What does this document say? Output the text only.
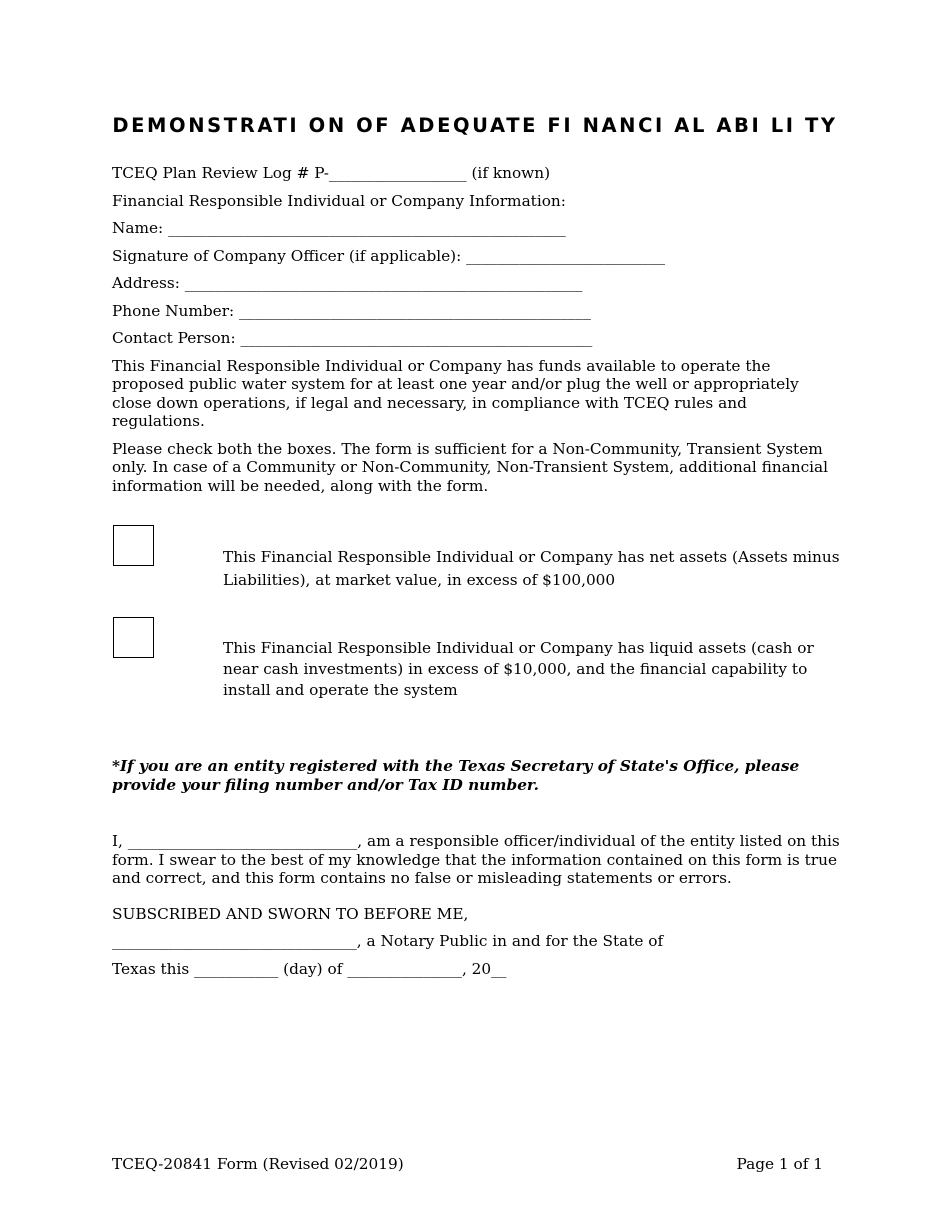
DEMONSTRATI ON OF ADEQUATE FI NANCI AL ABI LI TY

TCEQ Plan Review Log # P-__________________ (if known)

Financial Responsible Individual or Company Information:

Name: ____________________________________________________

Signature of Company Officer (if applicable): __________________________

Address: ____________________________________________________

Phone Number: ______________________________________________

Contact Person: ______________________________________________

This Financial Responsible Individual or Company has funds available to operate the proposed public water system for at least one year and/or plug the well or appropriately close down operations, if legal and necessary, in compliance with TCEQ rules and regulations.

Please check both the boxes. The form is sufficient for a Non-Community, Transient System only. In case of a Community or Non-Community, Non-Transient System, additional financial information will be needed, along with the form.

This Financial Responsible Individual or Company has net assets (Assets minus Liabilities), at market value, in excess of $100,000
This Financial Responsible Individual or Company has liquid assets (cash or near cash investments) in excess of $10,000, and the financial capability to install and operate the system

*If you are an entity registered with the Texas Secretary of State's Office, please provide your filing number and/or Tax ID number.

I, ______________________________, am a responsible officer/individual of the entity listed on this form. I swear to the best of my knowledge that the information contained on this form is true and correct, and this form contains no false or misleading statements or errors.

SUBSCRIBED AND SWORN TO BEFORE ME,

________________________________, a Notary Public in and for the State of

Texas this ___________ (day) of _______________, 20__

TCEQ-20841 Form (Revised 02/2019)	Page 1 of 1
